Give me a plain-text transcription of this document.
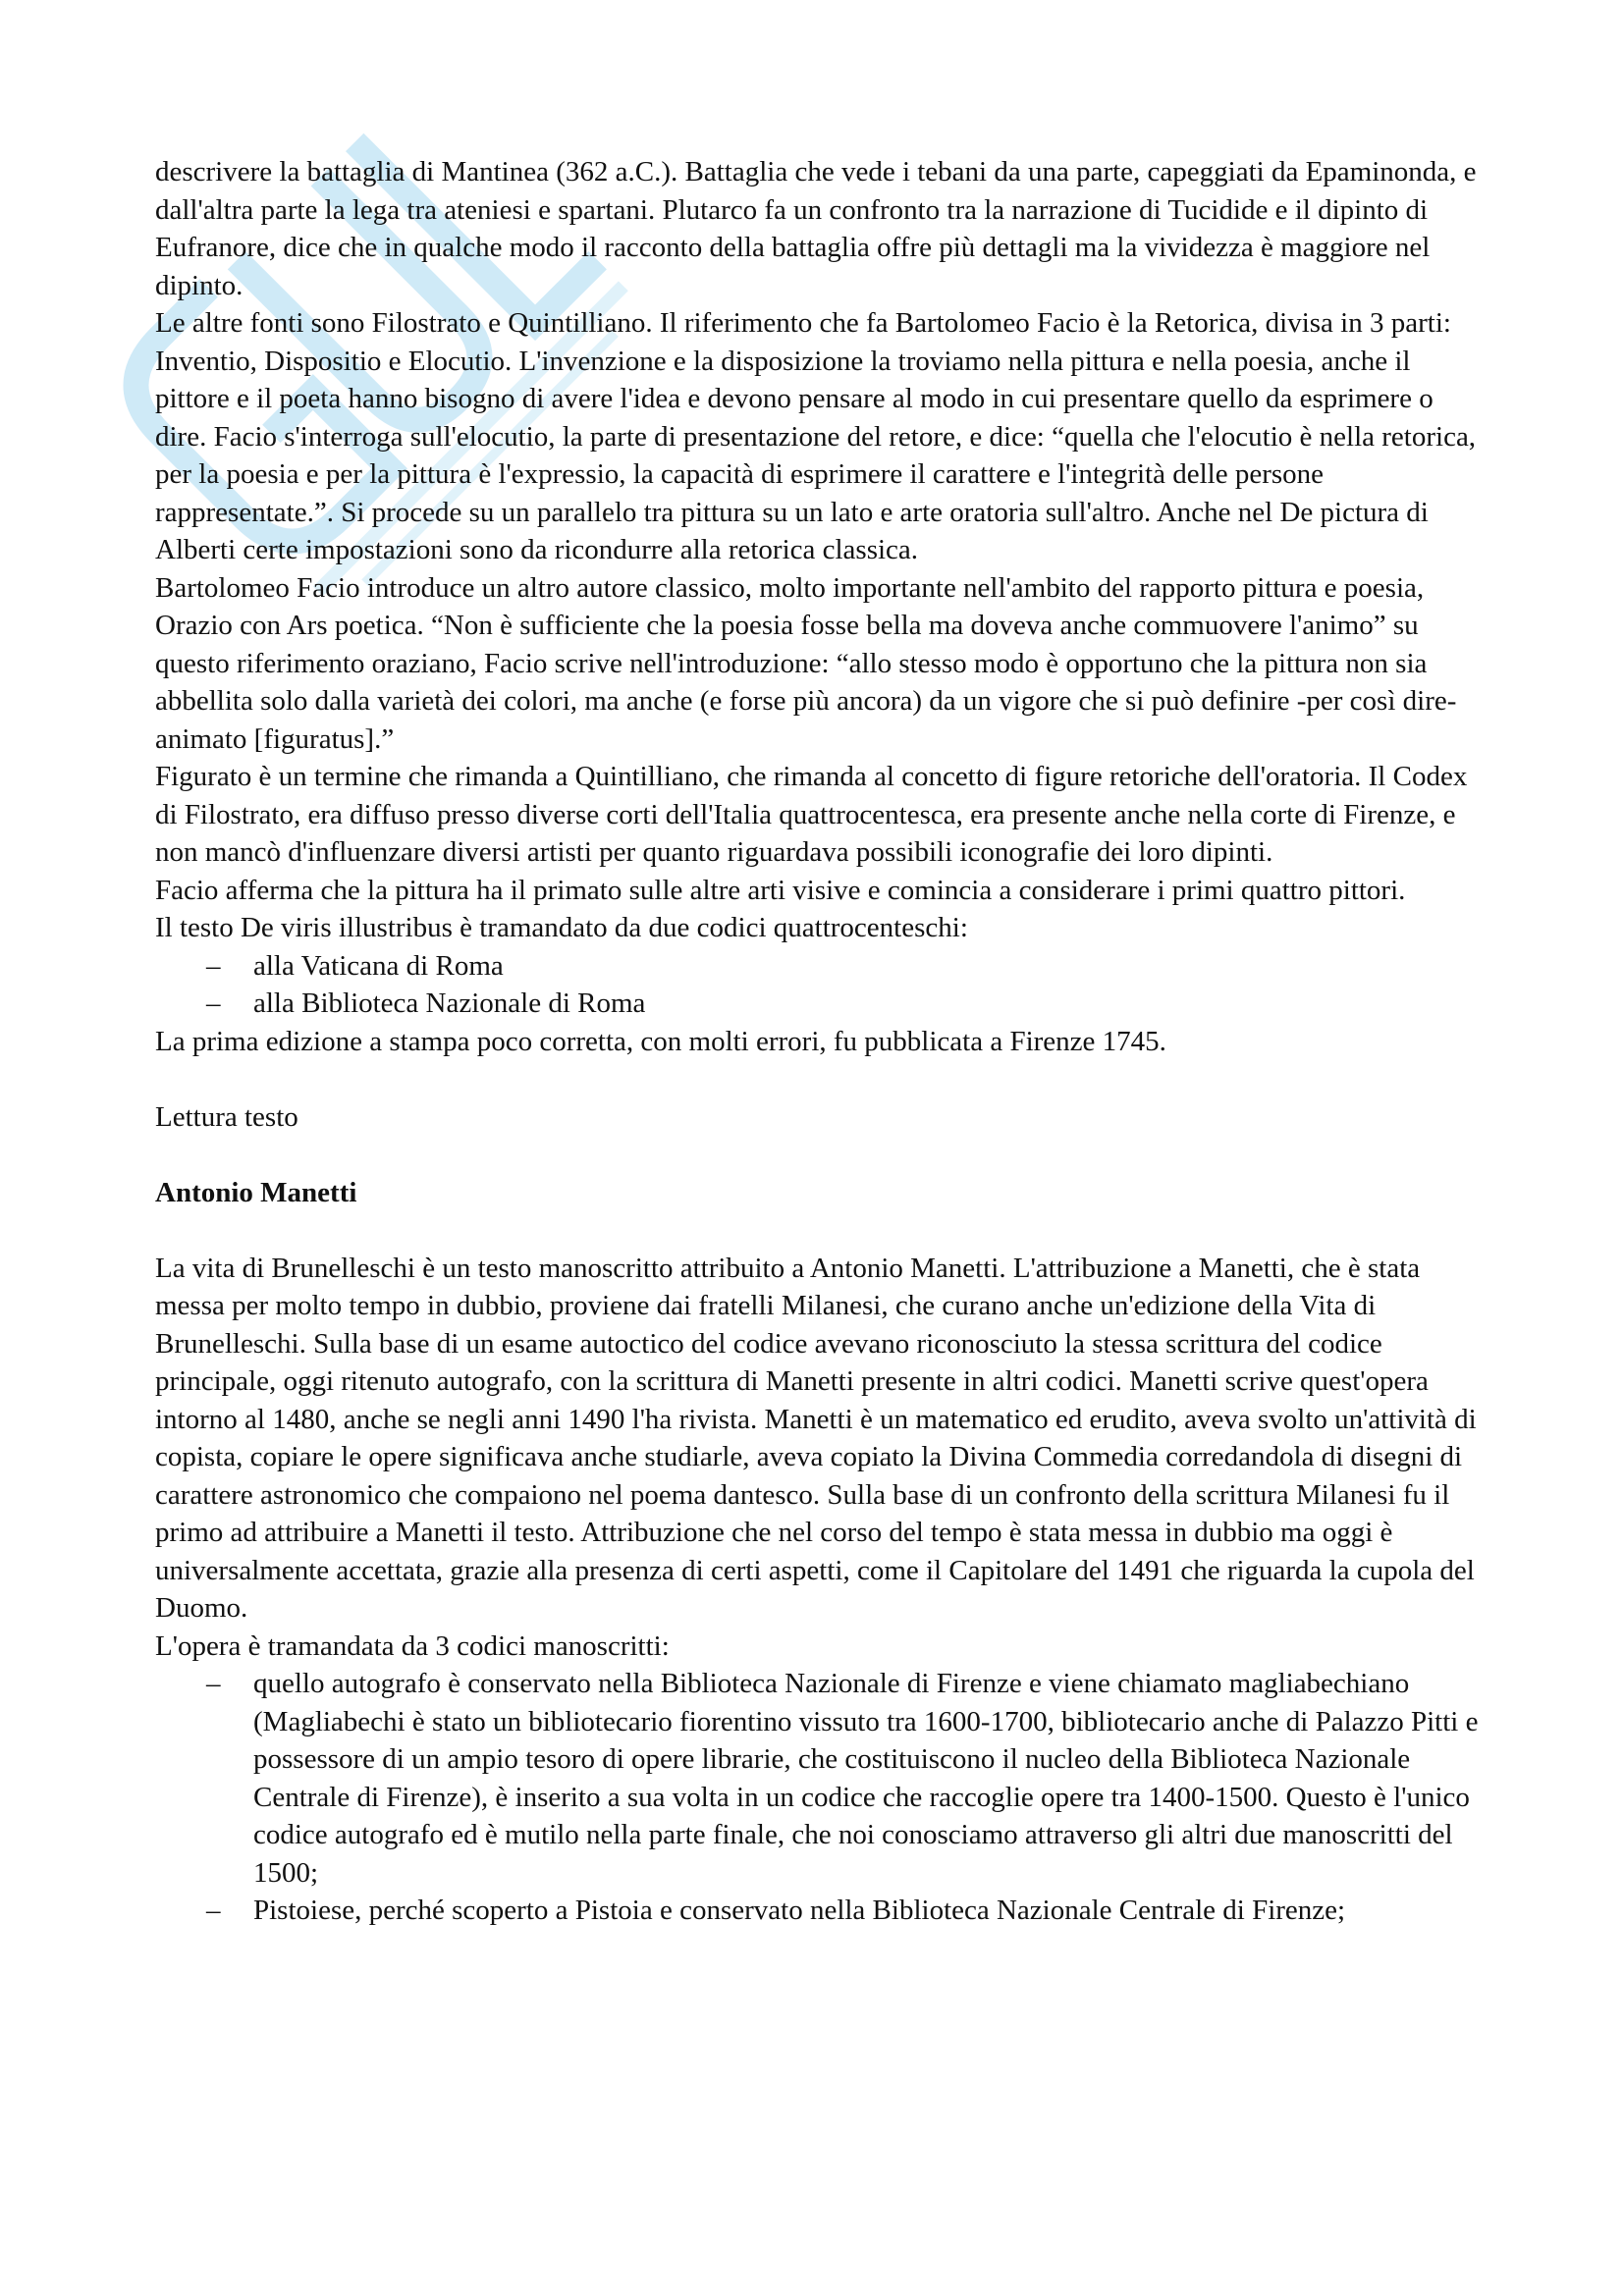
descrivere la battaglia di Mantinea (362 a.C.). Battaglia che vede i tebani da una parte, capeggiati da Epaminonda, e dall'altra parte la lega tra ateniesi e spartani. Plutarco fa un confronto tra la narrazione di Tucidide e il dipinto di Eufranore, dice che in qualche modo il racconto della battaglia offre più dettagli ma la vividezza è maggiore nel dipinto.

Le altre fonti sono Filostrato e Quintilliano. Il riferimento che fa Bartolomeo Facio è la Retorica, divisa in 3 parti: Inventio, Dispositio e Elocutio. L'invenzione e la disposizione la troviamo nella pittura e nella poesia, anche il pittore e il poeta hanno bisogno di avere l'idea e devono pensare al modo in cui presentare quello da esprimere o dire. Facio s'interroga sull'elocutio, la parte di presentazione del retore, e dice: “quella che l'elocutio è nella retorica, per la poesia e per la pittura è l'expressio, la capacità di esprimere il carattere e l'integrità delle persone rappresentate.”. Si procede su un parallelo tra pittura su un lato e arte oratoria sull'altro. Anche nel De pictura di Alberti certe impostazioni sono da ricondurre alla retorica classica.

Bartolomeo Facio introduce un altro autore classico, molto importante nell'ambito del rapporto pittura e poesia, Orazio con Ars poetica. “Non è sufficiente che la poesia fosse bella ma doveva anche commuovere l'animo” su questo riferimento oraziano, Facio scrive nell'introduzione: “allo stesso modo è opportuno che la pittura non sia abbellita solo dalla varietà dei colori, ma anche (e forse più ancora) da un vigore che si può definire -per così dire- animato [figuratus].”

Figurato è un termine che rimanda a Quintilliano, che rimanda al concetto di figure retoriche dell'oratoria. Il Codex di Filostrato, era diffuso presso diverse corti dell'Italia quattrocentesca, era presente anche nella corte di Firenze, e non mancò d'influenzare diversi artisti per quanto riguardava possibili iconografie dei loro dipinti.

Facio afferma che la pittura ha il primato sulle altre arti visive e comincia a considerare i primi quattro pittori.

Il testo De viris illustribus è tramandato da due codici quattrocenteschi:

– alla Vaticana di Roma
– alla Biblioteca Nazionale di Roma

La prima edizione a stampa poco corretta, con molti errori, fu pubblicata a Firenze 1745.

Lettura testo

Antonio Manetti

La vita di Brunelleschi è un testo manoscritto attribuito a Antonio Manetti. L'attribuzione a Manetti, che è stata messa per molto tempo in dubbio, proviene dai fratelli Milanesi, che curano anche un'edizione della Vita di Brunelleschi. Sulla base di un esame autoctico del codice avevano riconosciuto la stessa scrittura del codice principale, oggi ritenuto autografo, con la scrittura di Manetti presente in altri codici. Manetti scrive quest'opera intorno al 1480, anche se negli anni 1490 l'ha rivista. Manetti è un matematico ed erudito, aveva svolto un'attività di copista, copiare le opere significava anche studiarle, aveva copiato la Divina Commedia corredandola di disegni di carattere astronomico che compaiono nel poema dantesco. Sulla base di un confronto della scrittura Milanesi fu il primo ad attribuire a Manetti il testo. Attribuzione che nel corso del tempo è stata messa in dubbio ma oggi è universalmente accettata, grazie alla presenza di certi aspetti, come il Capitolare del 1491 che riguarda la cupola del Duomo.

L'opera è tramandata da 3 codici manoscritti:

– quello autografo è conservato nella Biblioteca Nazionale di Firenze e viene chiamato magliabechiano (Magliabechi è stato un bibliotecario fiorentino vissuto tra 1600-1700, bibliotecario anche di Palazzo Pitti e possessore di un ampio tesoro di opere librarie, che costituiscono il nucleo della Biblioteca Nazionale Centrale di Firenze), è inserito a sua volta in un codice che raccoglie opere tra 1400-1500. Questo è l'unico codice autografo ed è mutilo nella parte finale, che noi conosciamo attraverso gli altri due manoscritti del 1500;
– Pistoiese, perché scoperto a Pistoia e conservato nella Biblioteca Nazionale Centrale di Firenze;
